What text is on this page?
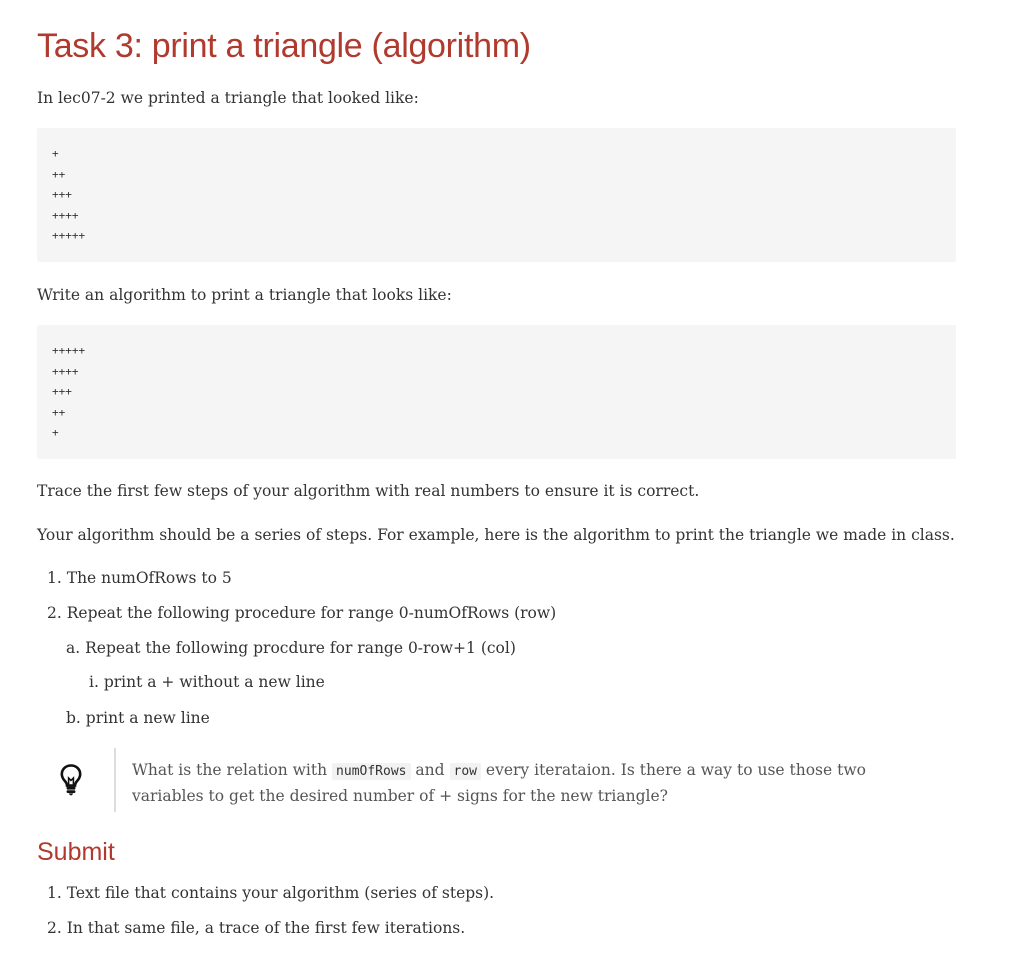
Task 3: print a triangle (algorithm)

In lec07-2 we printed a triangle that looked like:

+
++
+++
++++
+++++

Write an algorithm to print a triangle that looks like:

+++++
++++
+++
++
+

Trace the first few steps of your algorithm with real numbers to ensure it is correct.

Your algorithm should be a series of steps. For example, here is the algorithm to print the triangle we made in class.

1. The numOfRows to 5
2. Repeat the following procedure for range 0-numOfRows (row)
a. Repeat the following procdure for range 0-row+1 (col)
i. print a + without a new line
b. print a new line
What is the relation with numOfRows and row every iterataion. Is there a way to use those two variables to get the desired number of + signs for the new triangle?
Submit
1. Text file that contains your algorithm (series of steps).
2. In that same file, a trace of the first few iterations.
